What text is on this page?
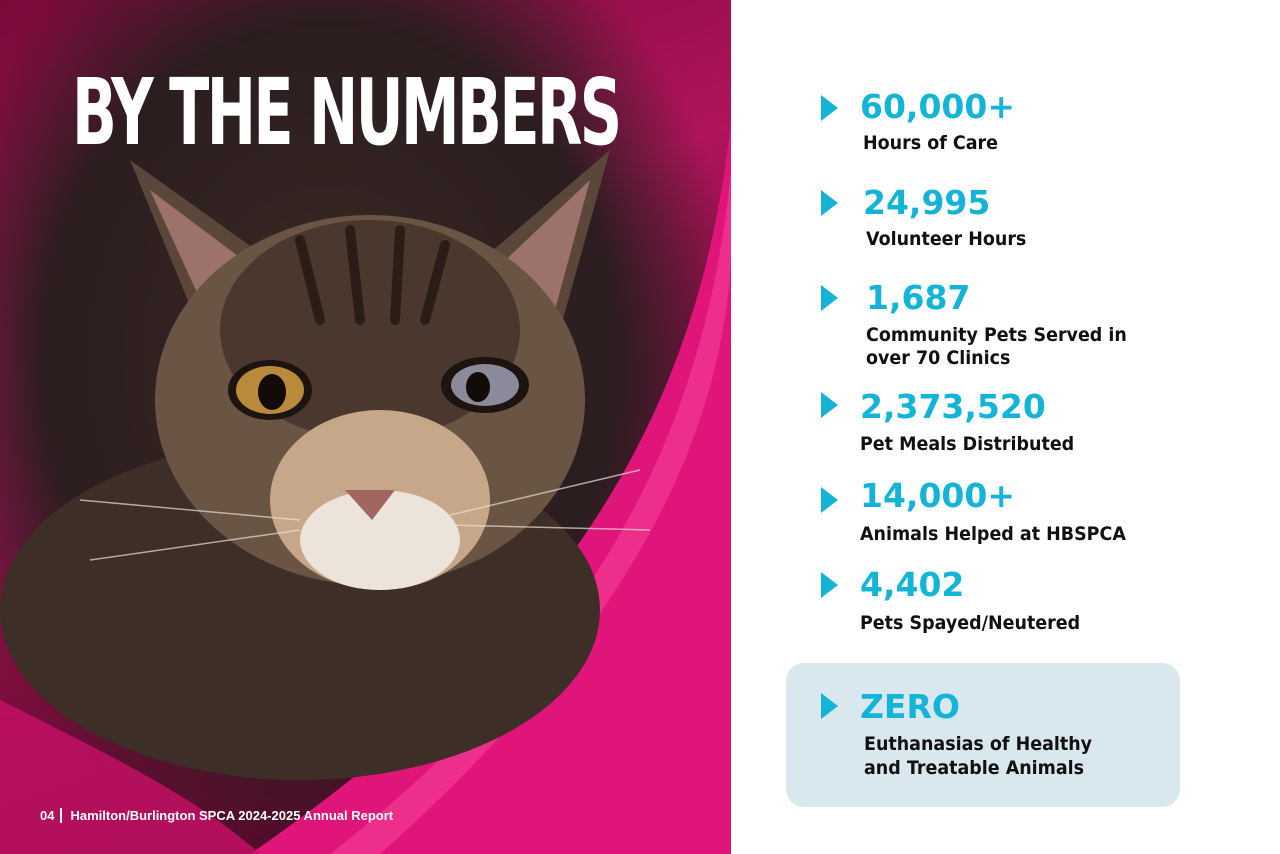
BY THE NUMBERS
04 Hamilton/Burlington SPCA 2024-2025 Annual Report
60,000+
Hours of Care
24,995
Volunteer Hours
1,687
Community Pets Served in
over 70 Clinics
2,373,520
Pet Meals Distributed
14,000+
Animals Helped at HBSPCA
4,402
Pets Spayed/Neutered
ZERO
Euthanasias of Healthy
and Treatable Animals
